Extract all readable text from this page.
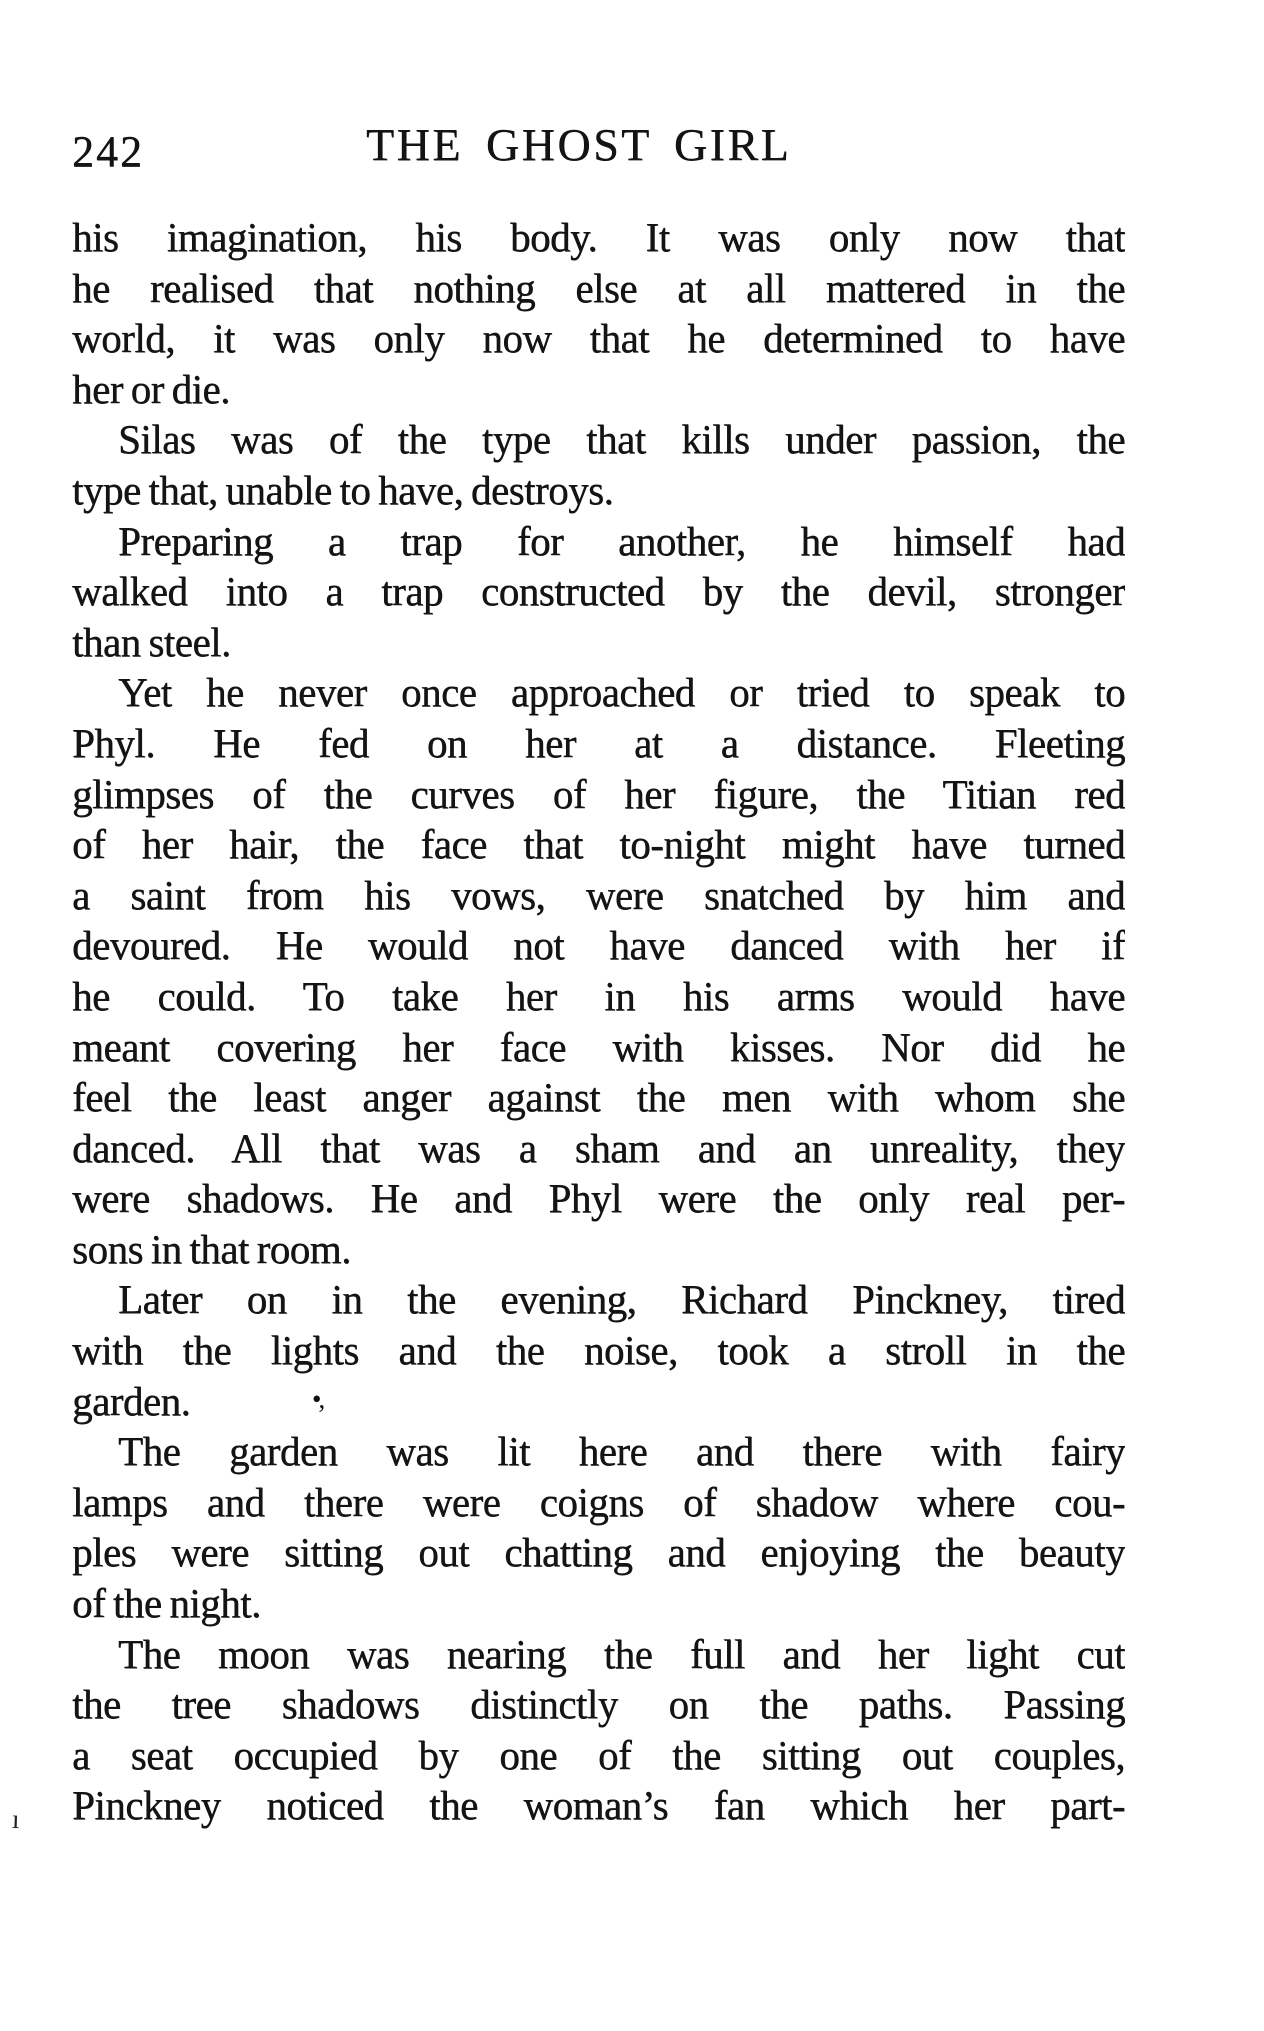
242	THE GHOST GIRL
his imagination, his body. It was only now that
he realised that nothing else at all mattered in the
world, it was only now that he determined to have
her or die.
Silas was of the type that kills under passion, the
type that, unable to have, destroys.
Preparing a trap for another, he himself had
walked into a trap constructed by the devil, stronger
than steel.
Yet he never once approached or tried to speak to
Phyl. He fed on her at a distance. Fleeting
glimpses of the curves of her figure, the Titian red
of her hair, the face that to-night might have turned
a saint from his vows, were snatched by him and
devoured. He would not have danced with her if
he could. To take her in his arms would have
meant covering her face with kisses. Nor did he
feel the least anger against the men with whom she
danced. All that was a sham and an unreality, they
were shadows. He and Phyl were the only real per-
sons in that room.
Later on in the evening, Richard Pinckney, tired
with the lights and the noise, took a stroll in the
garden.
The garden was lit here and there with fairy
lamps and there were coigns of shadow where cou-
ples were sitting out chatting and enjoying the beauty
of the night.
The moon was nearing the full and her light cut
the tree shadows distinctly on the paths. Passing
a seat occupied by one of the sitting out couples,
Pinckney noticed the woman’s fan which her part-
•,
ı
